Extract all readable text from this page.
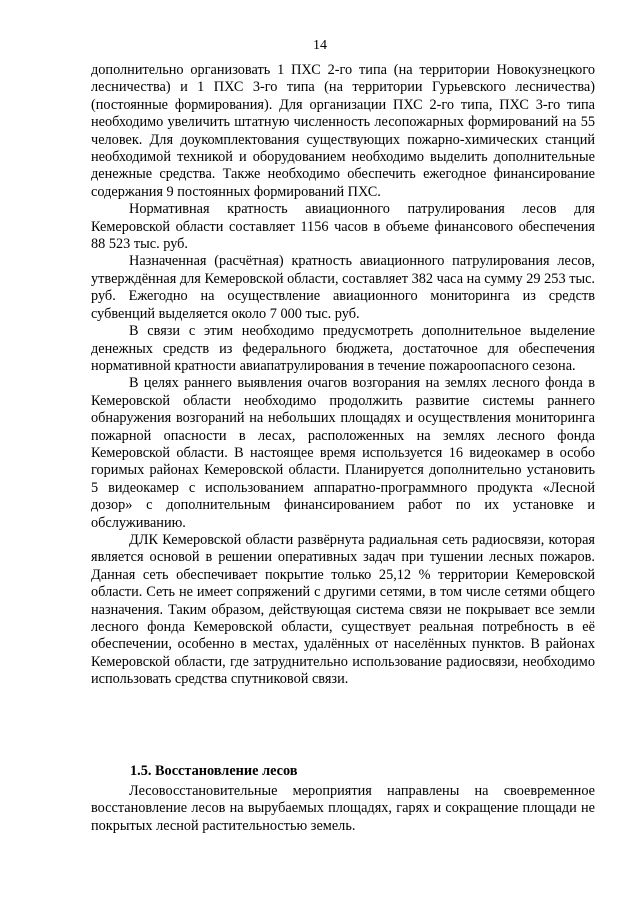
14

дополнительно организовать 1 ПХС 2-го типа (на территории Новокузнецкого лесничества) и 1 ПХС 3-го типа (на территории Гурьевского лесничества) (постоянные формирования). Для организации ПХС 2-го типа, ПХС 3-го типа необходимо увеличить штатную численность лесопожарных формирований на 55 человек. Для доукомплектования существующих пожарно-химических станций необходимой техникой и оборудованием необходимо выделить дополнительные денежные средства. Также необходимо обеспечить ежегодное финансирование содержания 9 постоянных формирований ПХС.

Нормативная кратность авиационного патрулирования лесов для Кемеровской области составляет 1156 часов в объеме финансового обеспечения 88 523 тыс. руб.

Назначенная (расчётная) кратность авиационного патрулирования лесов, утверждённая для Кемеровской области, составляет 382 часа на сумму 29 253 тыс. руб. Ежегодно на осуществление авиационного мониторинга из средств субвенций выделяется около 7 000 тыс. руб.

В связи с этим необходимо предусмотреть дополнительное выделение денежных средств из федерального бюджета, достаточное для обеспечения нормативной кратности авиапатрулирования в течение пожароопасного сезона.

В целях раннего выявления очагов возгорания на землях лесного фонда в Кемеровской области необходимо продолжить развитие системы раннего обнаружения возгораний на небольших площадях и осуществления мониторинга пожарной опасности в лесах, расположенных на землях лесного фонда Кемеровской области. В настоящее время используется 16 видеокамер в особо горимых районах Кемеровской области. Планируется дополнительно установить 5 видеокамер с использованием аппаратно-программного продукта «Лесной дозор» с дополнительным финансированием работ по их установке и обслуживанию.

ДЛК Кемеровской области развёрнута радиальная сеть радиосвязи, которая является основой в решении оперативных задач при тушении лесных пожаров. Данная сеть обеспечивает покрытие только 25,12 % территории Кемеровской области. Сеть не имеет сопряжений с другими сетями, в том числе сетями общего назначения. Таким образом, действующая система связи не покрывает все земли лесного фонда Кемеровской области, существует реальная потребность в её обеспечении, особенно в местах, удалённых от населённых пунктов. В районах Кемеровской области, где затруднительно использование радиосвязи, необходимо использовать средства спутниковой связи.

1.5. Восстановление лесов

Лесовосстановительные мероприятия направлены на своевременное восстановление лесов на вырубаемых площадях, гарях и сокращение площади не покрытых лесной растительностью земель.
